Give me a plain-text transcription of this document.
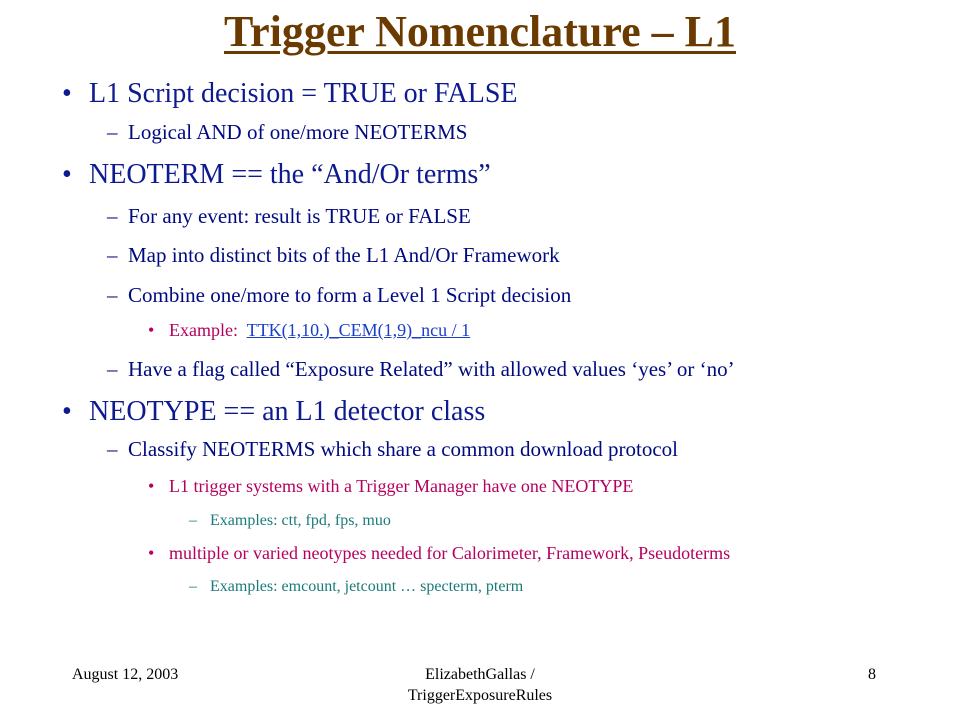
Trigger Nomenclature – L1
• L1 Script decision = TRUE or FALSE
– Logical AND of one/more NEOTERMS
• NEOTERM == the “And/Or terms”
– For any event: result is TRUE or FALSE
– Map into distinct bits of the L1 And/Or Framework
– Combine one/more to form a Level 1 Script decision
• Example: TTK(1,10.)_CEM(1,9)_ncu / 1
– Have a flag called “Exposure Related” with allowed values ‘yes’ or ‘no’
• NEOTYPE == an L1 detector class
– Classify NEOTERMS which share a common download protocol
• L1 trigger systems with a Trigger Manager have one NEOTYPE
– Examples: ctt, fpd, fps, muo
• multiple or varied neotypes needed for Calorimeter, Framework, Pseudoterms
– Examples: emcount, jetcount … specterm, pterm
August 12, 2003	ElizabethGallas /
TriggerExposureRules
8
